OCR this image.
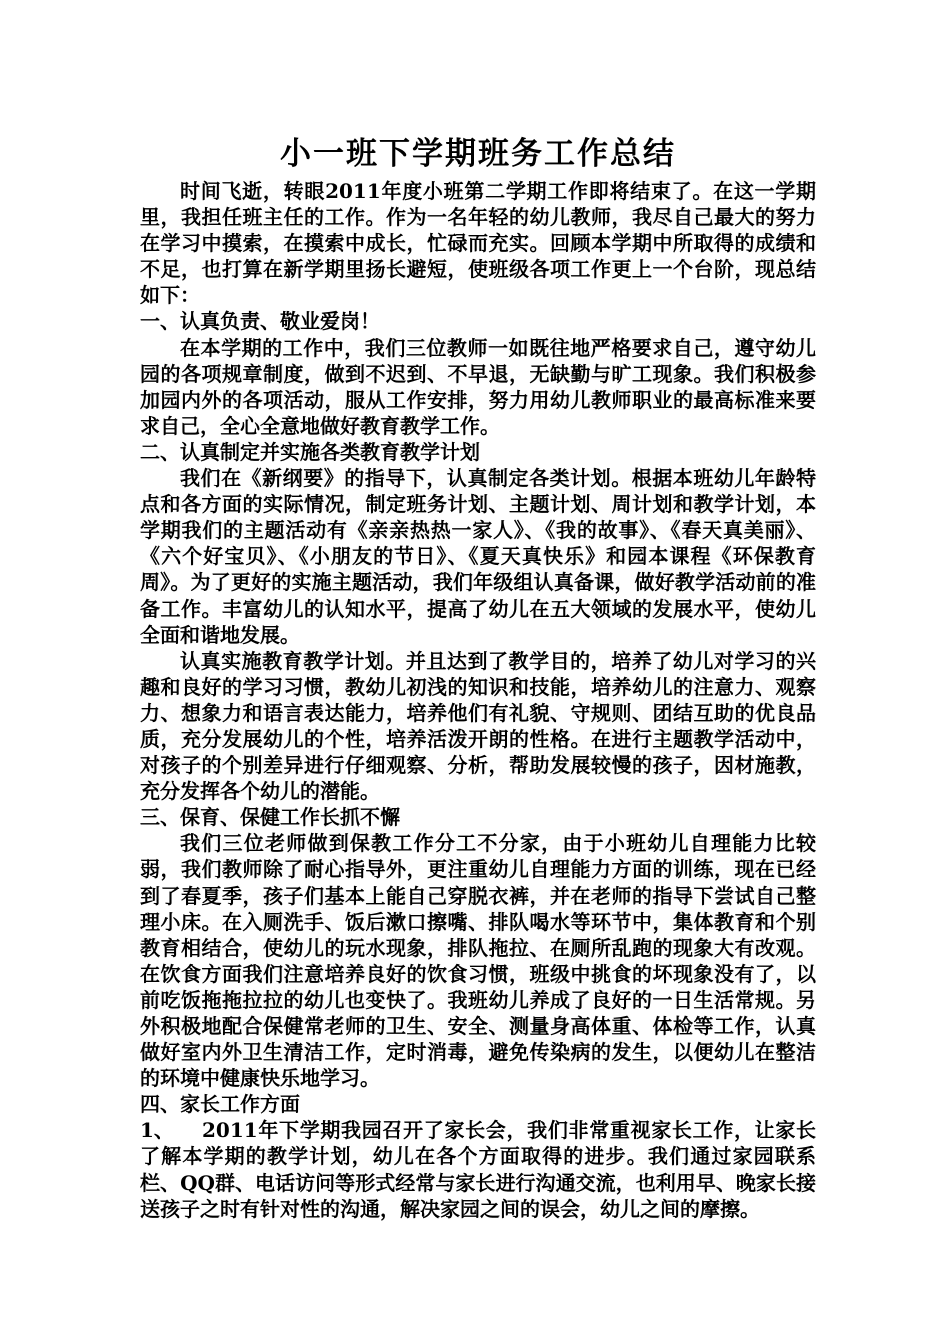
小一班下学期班务工作总结

时间飞逝，转眼2011年度小班第二学期工作即将结束了。在这一学期里，我担任班主任的工作。作为一名年轻的幼儿教师，我尽自己最大的努力在学习中摸索，在摸索中成长，忙碌而充实。回顾本学期中所取得的成绩和不足，也打算在新学期里扬长避短，使班级各项工作更上一个台阶，现总结如下：

一、认真负责、敬业爱岗！

在本学期的工作中，我们三位教师一如既往地严格要求自己，遵守幼儿园的各项规章制度，做到不迟到、不早退，无缺勤与旷工现象。我们积极参加园内外的各项活动，服从工作安排，努力用幼儿教师职业的最高标准来要求自己，全心全意地做好教育教学工作。

二、认真制定并实施各类教育教学计划

我们在《新纲要》的指导下，认真制定各类计划。根据本班幼儿年龄特点和各方面的实际情况，制定班务计划、主题计划、周计划和教学计划，本学期我们的主题活动有《亲亲热热一家人》、《我的故事》、《春天真美丽》、《六个好宝贝》、《小朋友的节日》、《夏天真快乐》和园本课程《环保教育周》。为了更好的实施主题活动，我们年级组认真备课，做好教学活动前的准备工作。丰富幼儿的认知水平，提高了幼儿在五大领域的发展水平，使幼儿全面和谐地发展。

认真实施教育教学计划。并且达到了教学目的，培养了幼儿对学习的兴趣和良好的学习习惯，教幼儿初浅的知识和技能，培养幼儿的注意力、观察力、想象力和语言表达能力，培养他们有礼貌、守规则、团结互助的优良品质，充分发展幼儿的个性，培养活泼开朗的性格。在进行主题教学活动中，对孩子的个别差异进行仔细观察、分析，帮助发展较慢的孩子，因材施教，充分发挥各个幼儿的潜能。

三、保育、保健工作长抓不懈

我们三位老师做到保教工作分工不分家，由于小班幼儿自理能力比较弱，我们教师除了耐心指导外，更注重幼儿自理能力方面的训练，现在已经到了春夏季，孩子们基本上能自己穿脱衣裤，并在老师的指导下尝试自己整理小床。在入厕洗手、饭后漱口擦嘴、排队喝水等环节中，集体教育和个别教育相结合，使幼儿的玩水现象，排队拖拉、在厕所乱跑的现象大有改观。在饮食方面我们注意培养良好的饮食习惯，班级中挑食的坏现象没有了，以前吃饭拖拖拉拉的幼儿也变快了。我班幼儿养成了良好的一日生活常规。另外积极地配合保健常老师的卫生、安全、测量身高体重、体检等工作，认真做好室内外卫生清洁工作，定时消毒，避免传染病的发生，以便幼儿在整洁的环境中健康快乐地学习。

四、家长工作方面

1、 2011年下学期我园召开了家长会，我们非常重视家长工作，让家长了解本学期的教学计划，幼儿在各个方面取得的进步。我们通过家园联系栏、QQ群、电话访问等形式经常与家长进行沟通交流，也利用早、晚家长接送孩子之时有针对性的沟通，解决家园之间的误会，幼儿之间的摩擦。
